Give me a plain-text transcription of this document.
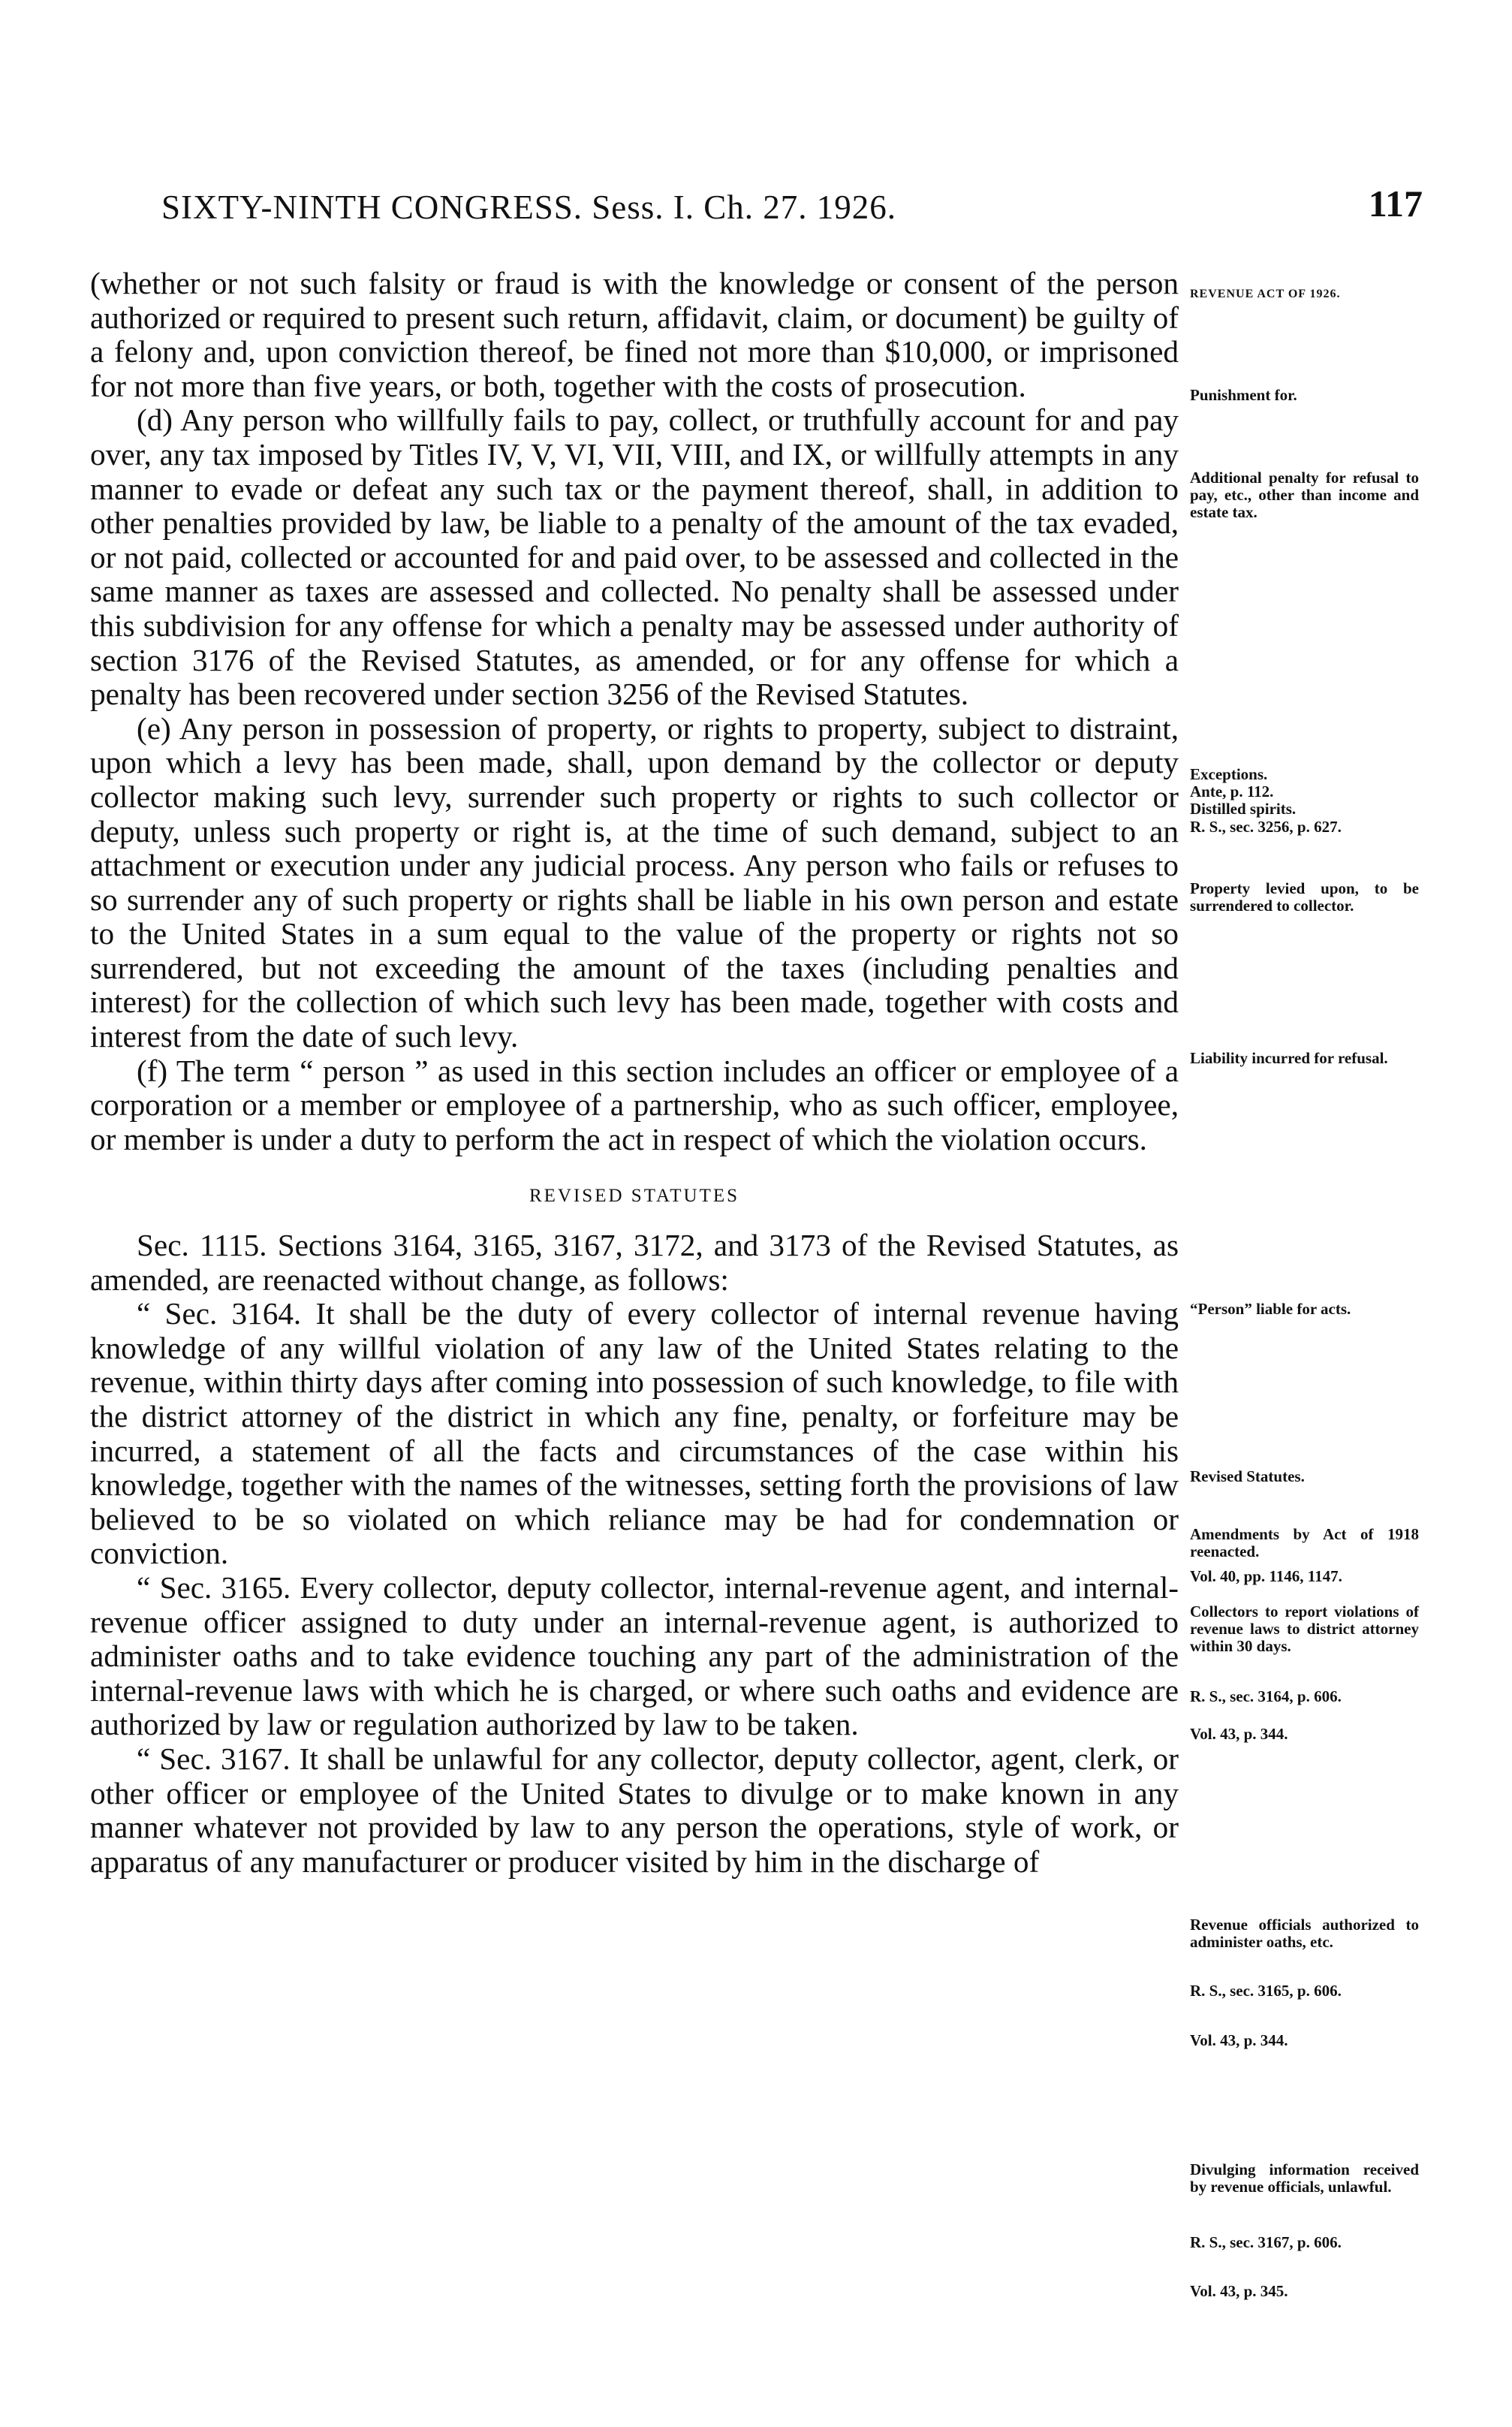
SIXTY-NINTH CONGRESS. Sess. I. Ch. 27. 1926.	117

(whether or not such falsity or fraud is with the knowledge or consent of the person authorized or required to present such return, affidavit, claim, or document) be guilty of a felony and, upon conviction thereof, be fined not more than $10,000, or imprisoned for not more than five years, or both, together with the costs of prosecution.

(d) Any person who willfully fails to pay, collect, or truthfully account for and pay over, any tax imposed by Titles IV, V, VI, VII, VIII, and IX, or willfully attempts in any manner to evade or defeat any such tax or the payment thereof, shall, in addition to other penalties provided by law, be liable to a penalty of the amount of the tax evaded, or not paid, collected or accounted for and paid over, to be assessed and collected in the same manner as taxes are assessed and collected. No penalty shall be assessed under this subdivision for any offense for which a penalty may be assessed under authority of section 3176 of the Revised Statutes, as amended, or for any offense for which a penalty has been recovered under section 3256 of the Revised Statutes.

(e) Any person in possession of property, or rights to property, subject to distraint, upon which a levy has been made, shall, upon demand by the collector or deputy collector making such levy, surrender such property or rights to such collector or deputy, unless such property or right is, at the time of such demand, subject to an attachment or execution under any judicial process. Any person who fails or refuses to so surrender any of such property or rights shall be liable in his own person and estate to the United States in a sum equal to the value of the property or rights not so surrendered, but not exceeding the amount of the taxes (including penalties and interest) for the collection of which such levy has been made, together with costs and interest from the date of such levy.

(f) The term “ person ” as used in this section includes an officer or employee of a corporation or a member or employee of a partnership, who as such officer, employee, or member is under a duty to perform the act in respect of which the violation occurs.

REVISED STATUTES

Sec. 1115. Sections 3164, 3165, 3167, 3172, and 3173 of the Revised Statutes, as amended, are reenacted without change, as follows:

“ Sec. 3164. It shall be the duty of every collector of internal revenue having knowledge of any willful violation of any law of the United States relating to the revenue, within thirty days after coming into possession of such knowledge, to file with the district attorney of the district in which any fine, penalty, or forfeiture may be incurred, a statement of all the facts and circumstances of the case within his knowledge, together with the names of the witnesses, setting forth the provisions of law believed to be so violated on which reliance may be had for condemnation or conviction.

“ Sec. 3165. Every collector, deputy collector, internal-revenue agent, and internal-revenue officer assigned to duty under an internal-revenue agent, is authorized to administer oaths and to take evidence touching any part of the administration of the internal-revenue laws with which he is charged, or where such oaths and evidence are authorized by law or regulation authorized by law to be taken.

“ Sec. 3167. It shall be unlawful for any collector, deputy collector, agent, clerk, or other officer or employee of the United States to divulge or to make known in any manner whatever not provided by law to any person the operations, style of work, or apparatus of any manufacturer or producer visited by him in the discharge of

REVENUE ACT OF 1926.
Punishment for.
Additional penalty for refusal to pay, etc., other than income and estate tax.
Exceptions.
Ante, p. 112.
Distilled spirits.
R. S., sec. 3256, p. 627.
Property levied upon, to be surrendered to collector.
Liability incurred for refusal.
“Person” liable for acts.
Revised Statutes.
Amendments by Act of 1918 reenacted.
Vol. 40, pp. 1146, 1147.
Collectors to report violations of revenue laws to district attorney within 30 days.
R. S., sec. 3164, p. 606.
Vol. 43, p. 344.
Revenue officials authorized to administer oaths, etc.
R. S., sec. 3165, p. 606.
Vol. 43, p. 344.
Divulging information received by revenue officials, unlawful.
R. S., sec. 3167, p. 606.
Vol. 43, p. 345.
